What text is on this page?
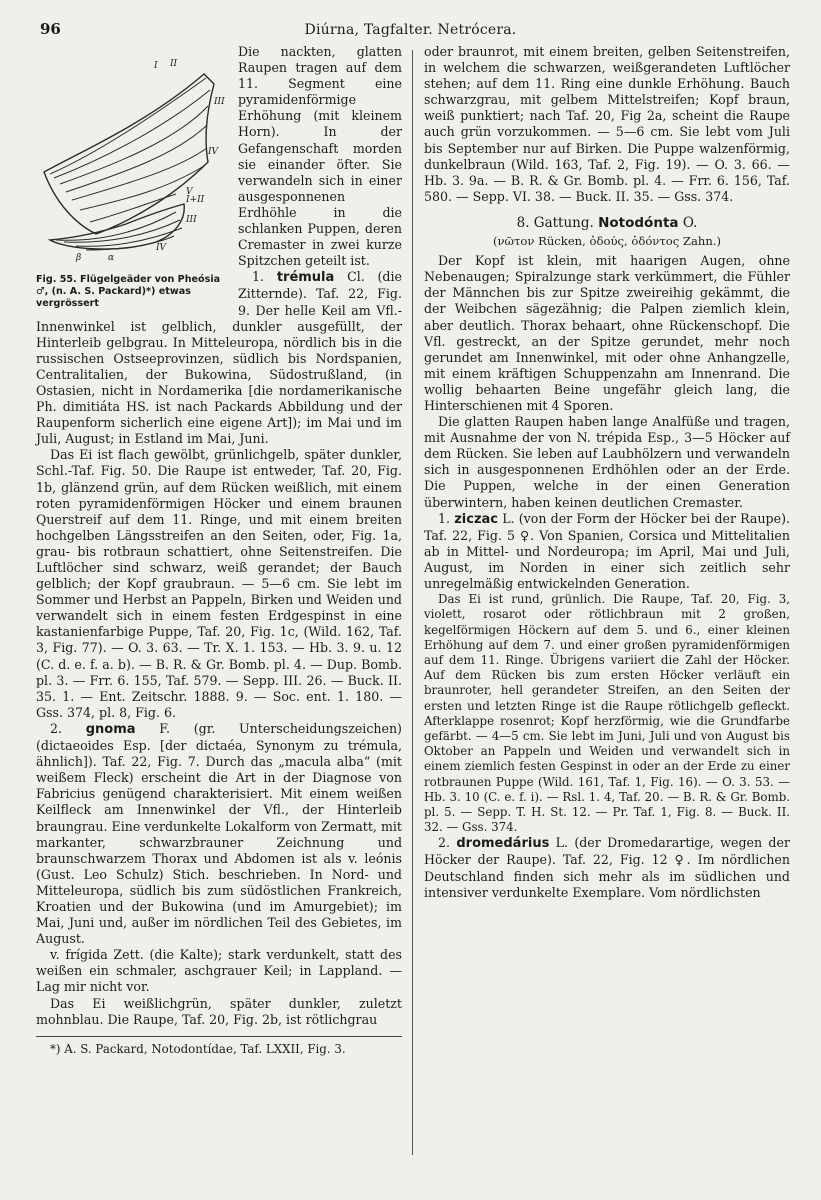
96	Diúrna, Tagfalter. Netrócera.
I II
III
IV
V
I+II
III
IV
α
β
Fig. 55. Flügelgeäder von Pheósia ♂, (n. A. S. Packard)*) etwas vergrössert

Die nackten, glatten Raupen tragen auf dem 11. Segment eine pyramidenförmige Erhöhung (mit kleinem Horn). In der Gefangenschaft morden sie einander öfter. Sie verwandeln sich in einer ausgesponnenen Erdhöhle in die schlanken Puppen, deren Cremaster in zwei kurze Spitzchen geteilt ist.

1. trémula Cl. (die Zitternde). Taf. 22, Fig. 9. Der helle Keil am Vfl.-Innenwinkel ist gelblich, dunkler ausgefüllt, der Hinterleib gelbgrau. In Mitteleuropa, nördlich bis in die russischen Ostseeprovinzen, südlich bis Nordspanien, Centralitalien, der Bukowina, Südostrußland, (in Ostasien, nicht in Nordamerika [die nordamerikanische Ph. dimitiáta HS. ist nach Packards Abbildung und der Raupenform sicherlich eine eigene Art]); im Mai und im Juli, August; in Estland im Mai, Juni.

Das Ei ist flach gewölbt, grünlichgelb, später dunkler, Schl.-Taf. Fig. 50. Die Raupe ist entweder, Taf. 20, Fig. 1b, glänzend grün, auf dem Rücken weißlich, mit einem roten pyramidenförmigen Höcker und einem braunen Querstreif auf dem 11. Ringe, und mit einem breiten hochgelben Längsstreifen an den Seiten, oder, Fig. 1a, grau- bis rotbraun schattiert, ohne Seitenstreifen. Die Luftlöcher sind schwarz, weiß gerandet; der Bauch gelblich; der Kopf graubraun. — 5—6 cm. Sie lebt im Sommer und Herbst an Pappeln, Birken und Weiden und verwandelt sich in einem festen Erdgespinst in eine kastanienfarbige Puppe, Taf. 20, Fig. 1c, (Wild. 162, Taf. 3, Fig. 77). — O. 3. 63. — Tr. X. 1. 153. — Hb. 3. 9. u. 12 (C. d. e. f. a. b). — B. R. & Gr. Bomb. pl. 4. — Dup. Bomb. pl. 3. — Frr. 6. 155, Taf. 579. — Sepp. III. 26. — Buck. II. 35. 1. — Ent. Zeitschr. 1888. 9. — Soc. ent. 1. 180. — Gss. 374, pl. 8, Fig. 6.

2. gnoma F. (gr. Unterscheidungszeichen) (dictaeoides Esp. [der dictaéa, Synonym zu trémula, ähnlich]). Taf. 22, Fig. 7. Durch das „macula alba“ (mit weißem Fleck) erscheint die Art in der Diagnose von Fabricius genügend charakterisiert. Mit einem weißen Keilfleck am Innenwinkel der Vfl., der Hinterleib braungrau. Eine verdunkelte Lokalform von Zermatt, mit markanter, schwarzbrauner Zeichnung und braunschwarzem Thorax und Abdomen ist als v. leónis (Gust. Leo Schulz) Stich. beschrieben. In Nord- und Mitteleuropa, südlich bis zum südöstlichen Frankreich, Kroatien und der Bukowina (und im Amurgebiet); im Mai, Juni und, außer im nördlichen Teil des Gebietes, im August.

v. frígida Zett. (die Kalte); stark verdunkelt, statt des weißen ein schmaler, aschgrauer Keil; in Lappland. — Lag mir nicht vor.

Das Ei weißlichgrün, später dunkler, zuletzt mohnblau. Die Raupe, Taf. 20, Fig. 2b, ist rötlichgrau

*) A. S. Packard, Notodontídae, Taf. LXXII, Fig. 3.

oder braunrot, mit einem breiten, gelben Seitenstreifen, in welchem die schwarzen, weißgerandeten Luftlöcher stehen; auf dem 11. Ring eine dunkle Erhöhung. Bauch schwarzgrau, mit gelbem Mittelstreifen; Kopf braun, weiß punktiert; nach Taf. 20, Fig 2a, scheint die Raupe auch grün vorzukommen. — 5—6 cm. Sie lebt vom Juli bis September nur auf Birken. Die Puppe walzenförmig, dunkelbraun (Wild. 163, Taf. 2, Fig. 19). — O. 3. 66. — Hb. 3. 9a. — B. R. & Gr. Bomb. pl. 4. — Frr. 6. 156, Taf. 580. — Sepp. VI. 38. — Buck. II. 35. — Gss. 374.

8. Gattung. Notodónta O.

(νῶτον Rücken, ὀδούς, ὀδόντος Zahn.)

Der Kopf ist klein, mit haarigen Augen, ohne Nebenaugen; Spiralzunge stark verkümmert, die Fühler der Männchen bis zur Spitze zweireihig gekämmt, die der Weibchen sägezähnig; die Palpen ziemlich klein, aber deutlich. Thorax behaart, ohne Rückenschopf. Die Vfl. gestreckt, an der Spitze gerundet, mehr noch gerundet am Innenwinkel, mit oder ohne Anhangzelle, mit einem kräftigen Schuppenzahn am Innenrand. Die wollig behaarten Beine ungefähr gleich lang, die Hinterschienen mit 4 Sporen.

Die glatten Raupen haben lange Analfüße und tragen, mit Ausnahme der von N. trépida Esp., 3—5 Höcker auf dem Rücken. Sie leben auf Laubhölzern und verwandeln sich in ausgesponnenen Erdhöhlen oder an der Erde. Die Puppen, welche in der einen Generation überwintern, haben keinen deutlichen Cremaster.

1. ziczac L. (von der Form der Höcker bei der Raupe). Taf. 22, Fig. 5 ♀. Von Spanien, Corsica und Mittelitalien ab in Mittel- und Nordeuropa; im April, Mai und Juli, August, im Norden in einer sich zeitlich sehr unregelmäßig entwickelnden Generation.

Das Ei ist rund, grünlich. Die Raupe, Taf. 20, Fig. 3, violett, rosarot oder rötlichbraun mit 2 großen, kegelförmigen Höckern auf dem 5. und 6., einer kleinen Erhöhung auf dem 7. und einer großen pyramidenförmigen auf dem 11. Ringe. Übrigens variiert die Zahl der Höcker. Auf dem Rücken bis zum ersten Höcker verläuft ein braunroter, hell gerandeter Streifen, an den Seiten der ersten und letzten Ringe ist die Raupe rötlichgelb gefleckt. Afterklappe rosenrot; Kopf herzförmig, wie die Grundfarbe gefärbt. — 4—5 cm. Sie lebt im Juni, Juli und von August bis Oktober an Pappeln und Weiden und verwandelt sich in einem ziemlich festen Gespinst in oder an der Erde zu einer rotbraunen Puppe (Wild. 161, Taf. 1, Fig. 16). — O. 3. 53. — Hb. 3. 10 (C. e. f. i). — Rsl. 1. 4, Taf. 20. — B. R. & Gr. Bomb. pl. 5. — Sepp. T. H. St. 12. — Pr. Taf. 1, Fig. 8. — Buck. II. 32. — Gss. 374.

2. dromedárius L. (der Dromedarartige, wegen der Höcker der Raupe). Taf. 22, Fig. 12 ♀. Im nördlichen Deutschland finden sich mehr als im südlichen und intensiver verdunkelte Exemplare. Vom nördlichsten
